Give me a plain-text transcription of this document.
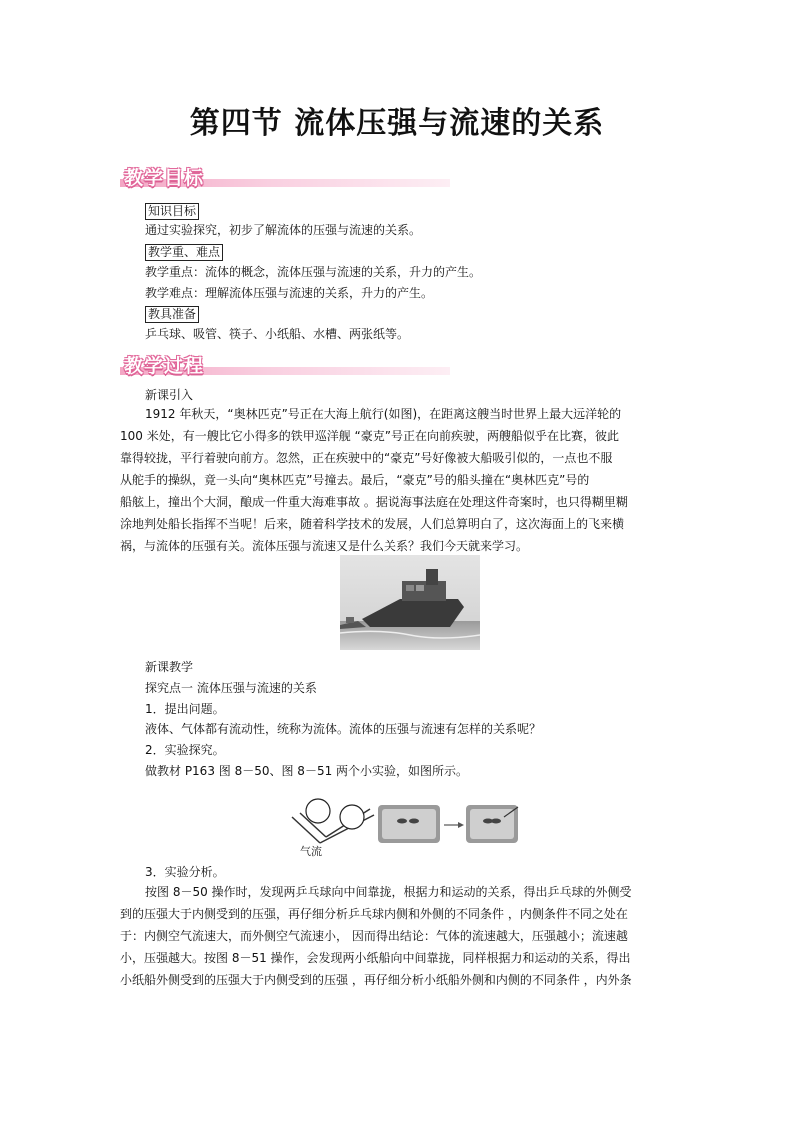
第四节 流体压强与流速的关系
教学目标
知识目标
通过实验探究，初步了解流体的压强与流速的关系。
教学重、难点
教学重点：流体的概念，流体压强与流速的关系，升力的产生。
教学难点：理解流体压强与流速的关系，升力的产生。
教具准备
乒乓球、吸管、筷子、小纸船、水槽、两张纸等。
教学过程
新课引入
1912 年秋天，“奥林匹克”号正在大海上航行(如图)，在距离这艘当时世界上最大远洋轮的
100 米处，有一艘比它小得多的铁甲巡洋舰 “豪克”号正在向前疾驶，两艘船似乎在比赛，彼此
靠得较拢，平行着驶向前方。忽然，正在疾驶中的“豪克”号好像被大船吸引似的，一点也不服
从舵手的操纵，竟一头向“奥林匹克”号撞去。最后，“豪克”号的船头撞在“奥林匹克”号的
船舷上，撞出个大洞，酿成一件重大海难事故 。据说海事法庭在处理这件奇案时，也只得糊里糊
涂地判处船长指挥不当呢！后来，随着科学技术的发展，人们总算明白了，这次海面上的飞来横
祸，与流体的压强有关。流体压强与流速又是什么关系？我们今天就来学习。
新课教学
探究点一 流体压强与流速的关系
1．提出问题。
液体、气体都有流动性，统称为流体。流体的压强与流速有怎样的关系呢？
2．实验探究。
做教材 P163 图 8－50、图 8－51 两个小实验，如图所示。
气流
3．实验分析。
按图 8－50 操作时，发现两乒乓球向中间靠拢，根据力和运动的关系，得出乒乓球的外侧受
到的压强大于内侧受到的压强，再仔细分析乒乓球内侧和外侧的不同条件 ，内侧条件不同之处在
于：内侧空气流速大，而外侧空气流速小， 因而得出结论：气体的流速越大，压强越小；流速越
小，压强越大。按图 8－51 操作，会发现两小纸船向中间靠拢，同样根据力和运动的关系，得出
小纸船外侧受到的压强大于内侧受到的压强 ，再仔细分析小纸船外侧和内侧的不同条件 ，内外条
